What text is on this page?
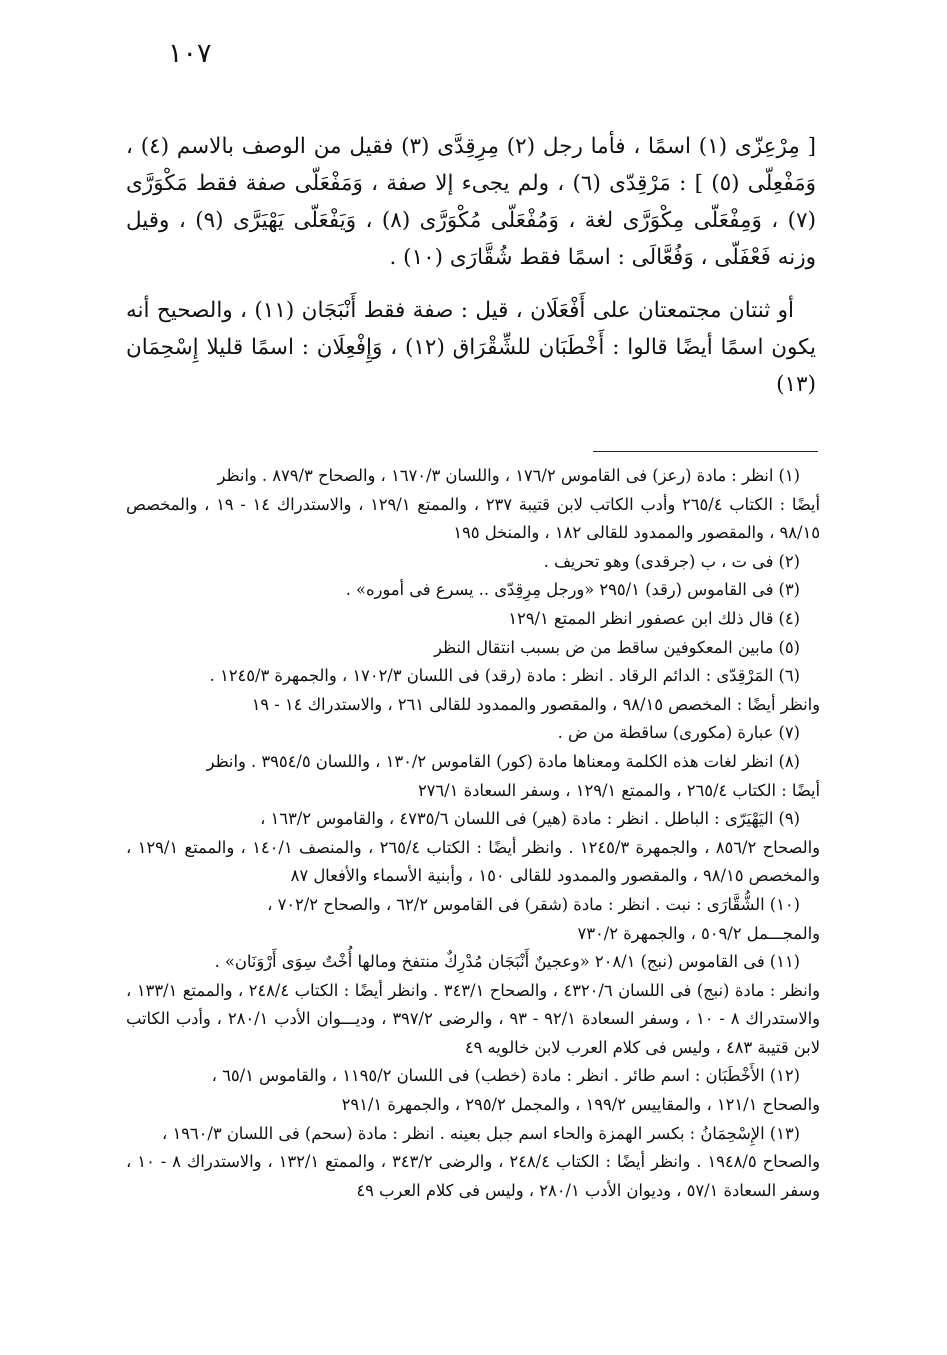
١٠٧

[ مِرْعِزّى (١) اسمًا ، فأما رجل (٢) مِرِقِدَّى (٣) فقيل من الوصف بالاسم (٤) ، وَمَفْعِلّى (٥) ] : مَرْقِدّى (٦) ، ولم يجىء إلا صفة ، وَمَفْعَلّى صفة فقط مَكْوَرَّى (٧) ، وَمِفْعَلّى مِكْوَرَّى لغة ، وَمُفْعَلّى مُكْوَرَّى (٨) ، وَيَفْعَلّى يَهْيَرَّى (٩) ، وقيل وزنه فَعْفَلّى ، وَفُعَّالَى : اسمًا فقط شُقَّارَى (١٠) .

أو ثنتان مجتمعتان على أَفْعَلَان ، قيل : صفة فقط أَنْبَجَان (١١) ، والصحيح أنه يكون اسمًا أيضًا قالوا : أَخْطَبَان للشِّقْرَاق (١٢) ، وَإِفْعِلَان : اسمًا قليلا إِسْحِمَان (١٣)

(١) انظر : مادة (رعز) فى القاموس ١٧٦/٢ ، واللسان ١٦٧٠/٣ ، والصحاح ٨٧٩/٣ . وانظر
أيضًا : الكتاب ٢٦٥/٤ وأدب الكاتب لابن قتيبة ٢٣٧ ، والممتع ١٢٩/١ ، والاستدراك ١٤ - ١٩ ، والمخصص ٩٨/١٥ ، والمقصور والممدود للقالى ١٨٢ ، والمنخل ١٩٥
(٢) فى ت ، ب (جرقدى) وهو تحريف .
(٣) فى القاموس (رقد) ٢٩٥/١ «ورجل مِرِقِدّى .. يسرع فى أموره» .
(٤) قال ذلك ابن عصفور انظر الممتع ١٢٩/١
(٥) مابين المعكوفين ساقط من ض بسبب انتقال النظر
(٦) المَرْقِدّى : الدائم الرقاد . انظر : مادة (رقد) فى اللسان ١٧٠٢/٣ ، والجمهرة ١٢٤٥/٣ .
وانظر أيضًا : المخصص ٩٨/١٥ ، والمقصور والممدود للقالى ٢٦١ ، والاستدراك ١٤ - ١٩
(٧) عبارة (مكورى) ساقطة من ض .
(٨) انظر لغات هذه الكلمة ومعناها مادة (كور) القاموس ١٣٠/٢ ، واللسان ٣٩٥٤/٥ . وانظر
أيضًا : الكتاب ٢٦٥/٤ ، والممتع ١٢٩/١ ، وسفر السعادة ٢٧٦/١
(٩) اليَهْيَرّى : الباطل . انظر : مادة (هير) فى اللسان ٤٧٣٥/٦ ، والقاموس ١٦٣/٢ ،
والصحاح ٨٥٦/٢ ، والجمهرة ١٢٤٥/٣ . وانظر أيضًا : الكتاب ٢٦٥/٤ ، والمنصف ١٤٠/١ ، والممتع ١٢٩/١ ، والمخصص ٩٨/١٥ ، والمقصور والممدود للقالى ١٥٠ ، وأبنية الأسماء والأفعال ٨٧
(١٠) الشُّقَّارَى : نبت . انظر : مادة (شقر) فى القاموس ٦٢/٢ ، والصحاح ٧٠٢/٢ ،
والمجـــمل ٥٠٩/٢ ، والجمهرة ٧٣٠/٢
(١١) فى القاموس (نبج) ٢٠٨/١ «وعجينٌ أَنْبَجَان مُدْرِكٌ منتفخ ومالها أُخْتٌ سِوَى أَرْوَنَان» .
وانظر : مادة (نبج) فى اللسان ٤٣٢٠/٦ ، والصحاح ٣٤٣/١ . وانظر أيضًا : الكتاب ٢٤٨/٤ ، والممتع ١٣٣/١ ، والاستدراك ٨ - ١٠ ، وسفر السعادة ٩٢/١ - ٩٣ ، والرضى ٣٩٧/٢ ، وديـــوان الأدب ٢٨٠/١ ، وأدب الكاتب لابن قتيبة ٤٨٣ ، وليس فى كلام العرب لابن خالويه ٤٩
(١٢) الأَخْطَبَان : اسم طائر . انظر : مادة (خطب) فى اللسان ١١٩٥/٢ ، والقاموس ٦٥/١ ،
والصحاح ١٢١/١ ، والمقاييس ١٩٩/٢ ، والمجمل ٢٩٥/٢ ، والجمهرة ٢٩١/١
(١٣) الإِسْحِمَانُ : بكسر الهمزة والحاء اسم جبل بعينه . انظر : مادة (سحم) فى اللسان ١٩٦٠/٣ ،
والصحاح ١٩٤٨/٥ . وانظر أيضًا : الكتاب ٢٤٨/٤ ، والرضى ٣٤٣/٢ ، والممتع ١٣٢/١ ، والاستدراك ٨ - ١٠ ، وسفر السعادة ٥٧/١ ، وديوان الأدب ٢٨٠/١ ، وليس فى كلام العرب ٤٩
